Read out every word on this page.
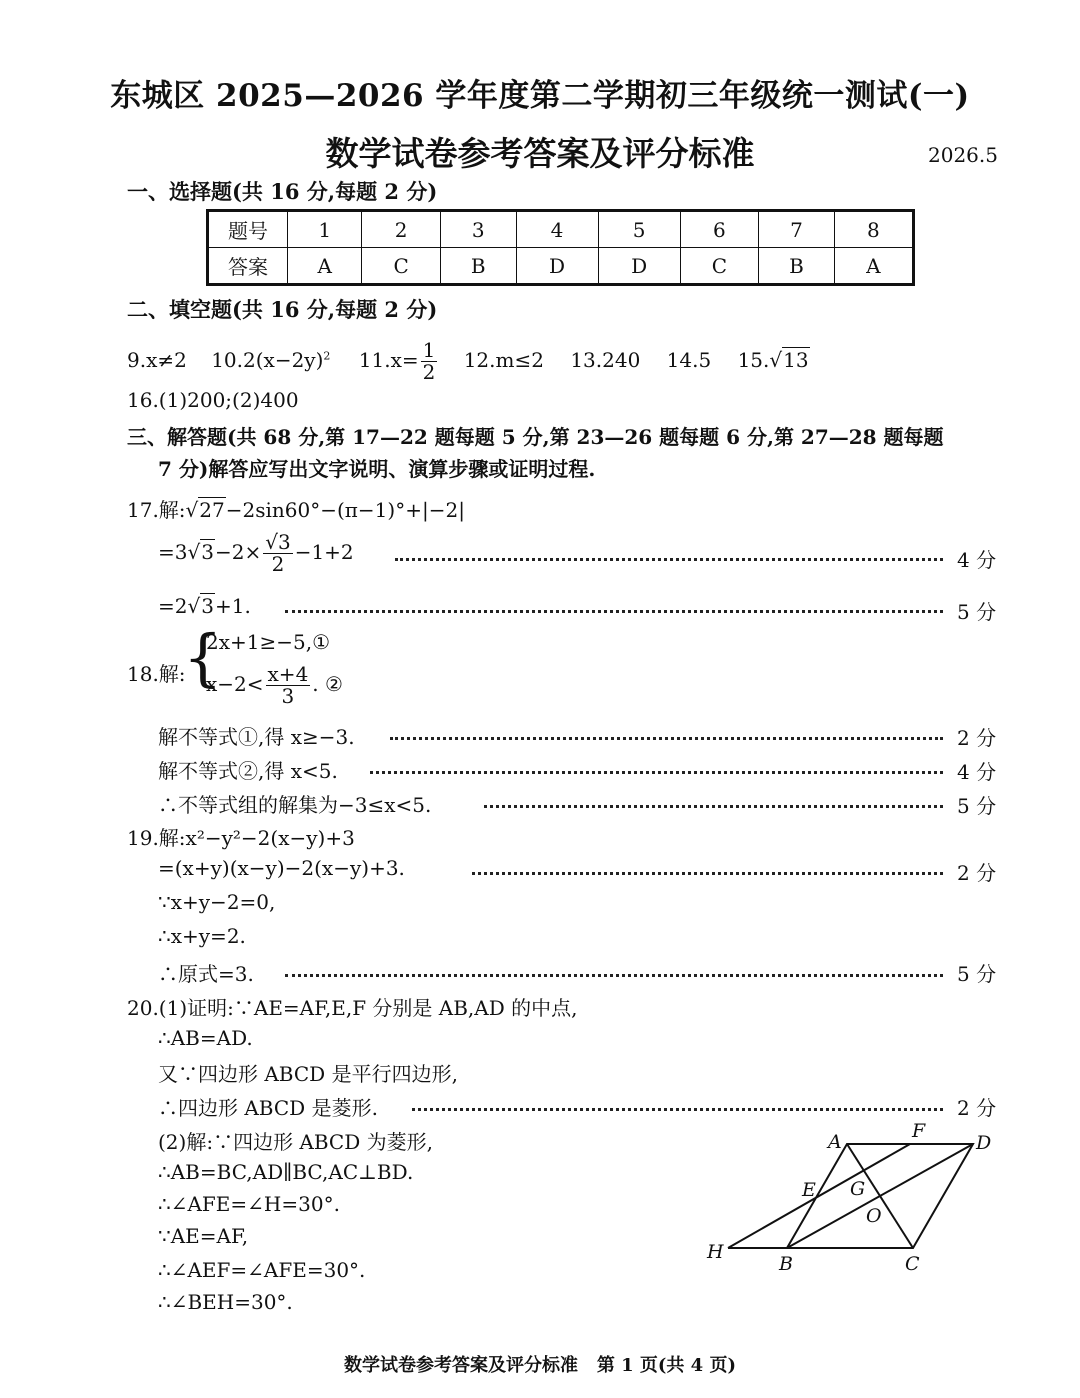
东城区 2025—2026 学年度第二学期初三年级统一测试(一)
数学试卷参考答案及评分标准	2026.5
一、选择题(共 16 分,每题 2 分)
题号	1	2	3	4	5	6	7	8
答案	A	C	B	D	D	C	B	A
二、填空题(共 16 分,每题 2 分)
9.x≠2 $10.2(x-2y)^2$ $11.x= \frac{1}{2} 12.m\le 2$ 13.240 14.5 15.√13
16.(1)200;(2)400
三、解答题(共 68 分,第 17—22 题每题 5 分,第 23—26 题每题 6 分,第 27—28 题每题
7 分)解答应写出文字说明、演算步骤或证明过程.
17.解:√27−2sin60°−(π−1)°+|−2|
$=3√3-2\times \frac{√3}{2} -1+2$	4 分
=2√3+1.	5 分
18.解:
{
2x+1≥−5,①
$x-2< \frac{x+4}{3}$ . ②
解不等式①,得 x≥−3.	2 分
解不等式②,得 x<5.	4 分
∴不等式组的解集为−3≤x<5.	5 分
19.解:x²−y²−2(x−y)+3
=(x+y)(x−y)−2(x−y)+3.	2 分
∵x+y−2=0,
∴x+y=2.
∴原式=3.	5 分
20.(1)证明:∵AE=AF,E,F 分别是 AB,AD 的中点,
∴AB=AD.
又∵四边形 ABCD 是平行四边形,
∴四边形 ABCD 是菱形.	2 分
(2)解:∵四边形 ABCD 为菱形,
∴AB=BC,AD∥BC,AC⊥BD.
∴∠AFE=∠H=30°.
∵AE=AF,
∴∠AEF=∠AFE=30°.
∴∠BEH=30°.
A	F
D
E G
O
H
B	C
数学试卷参考答案及评分标准   第 1 页(共 4 页)
